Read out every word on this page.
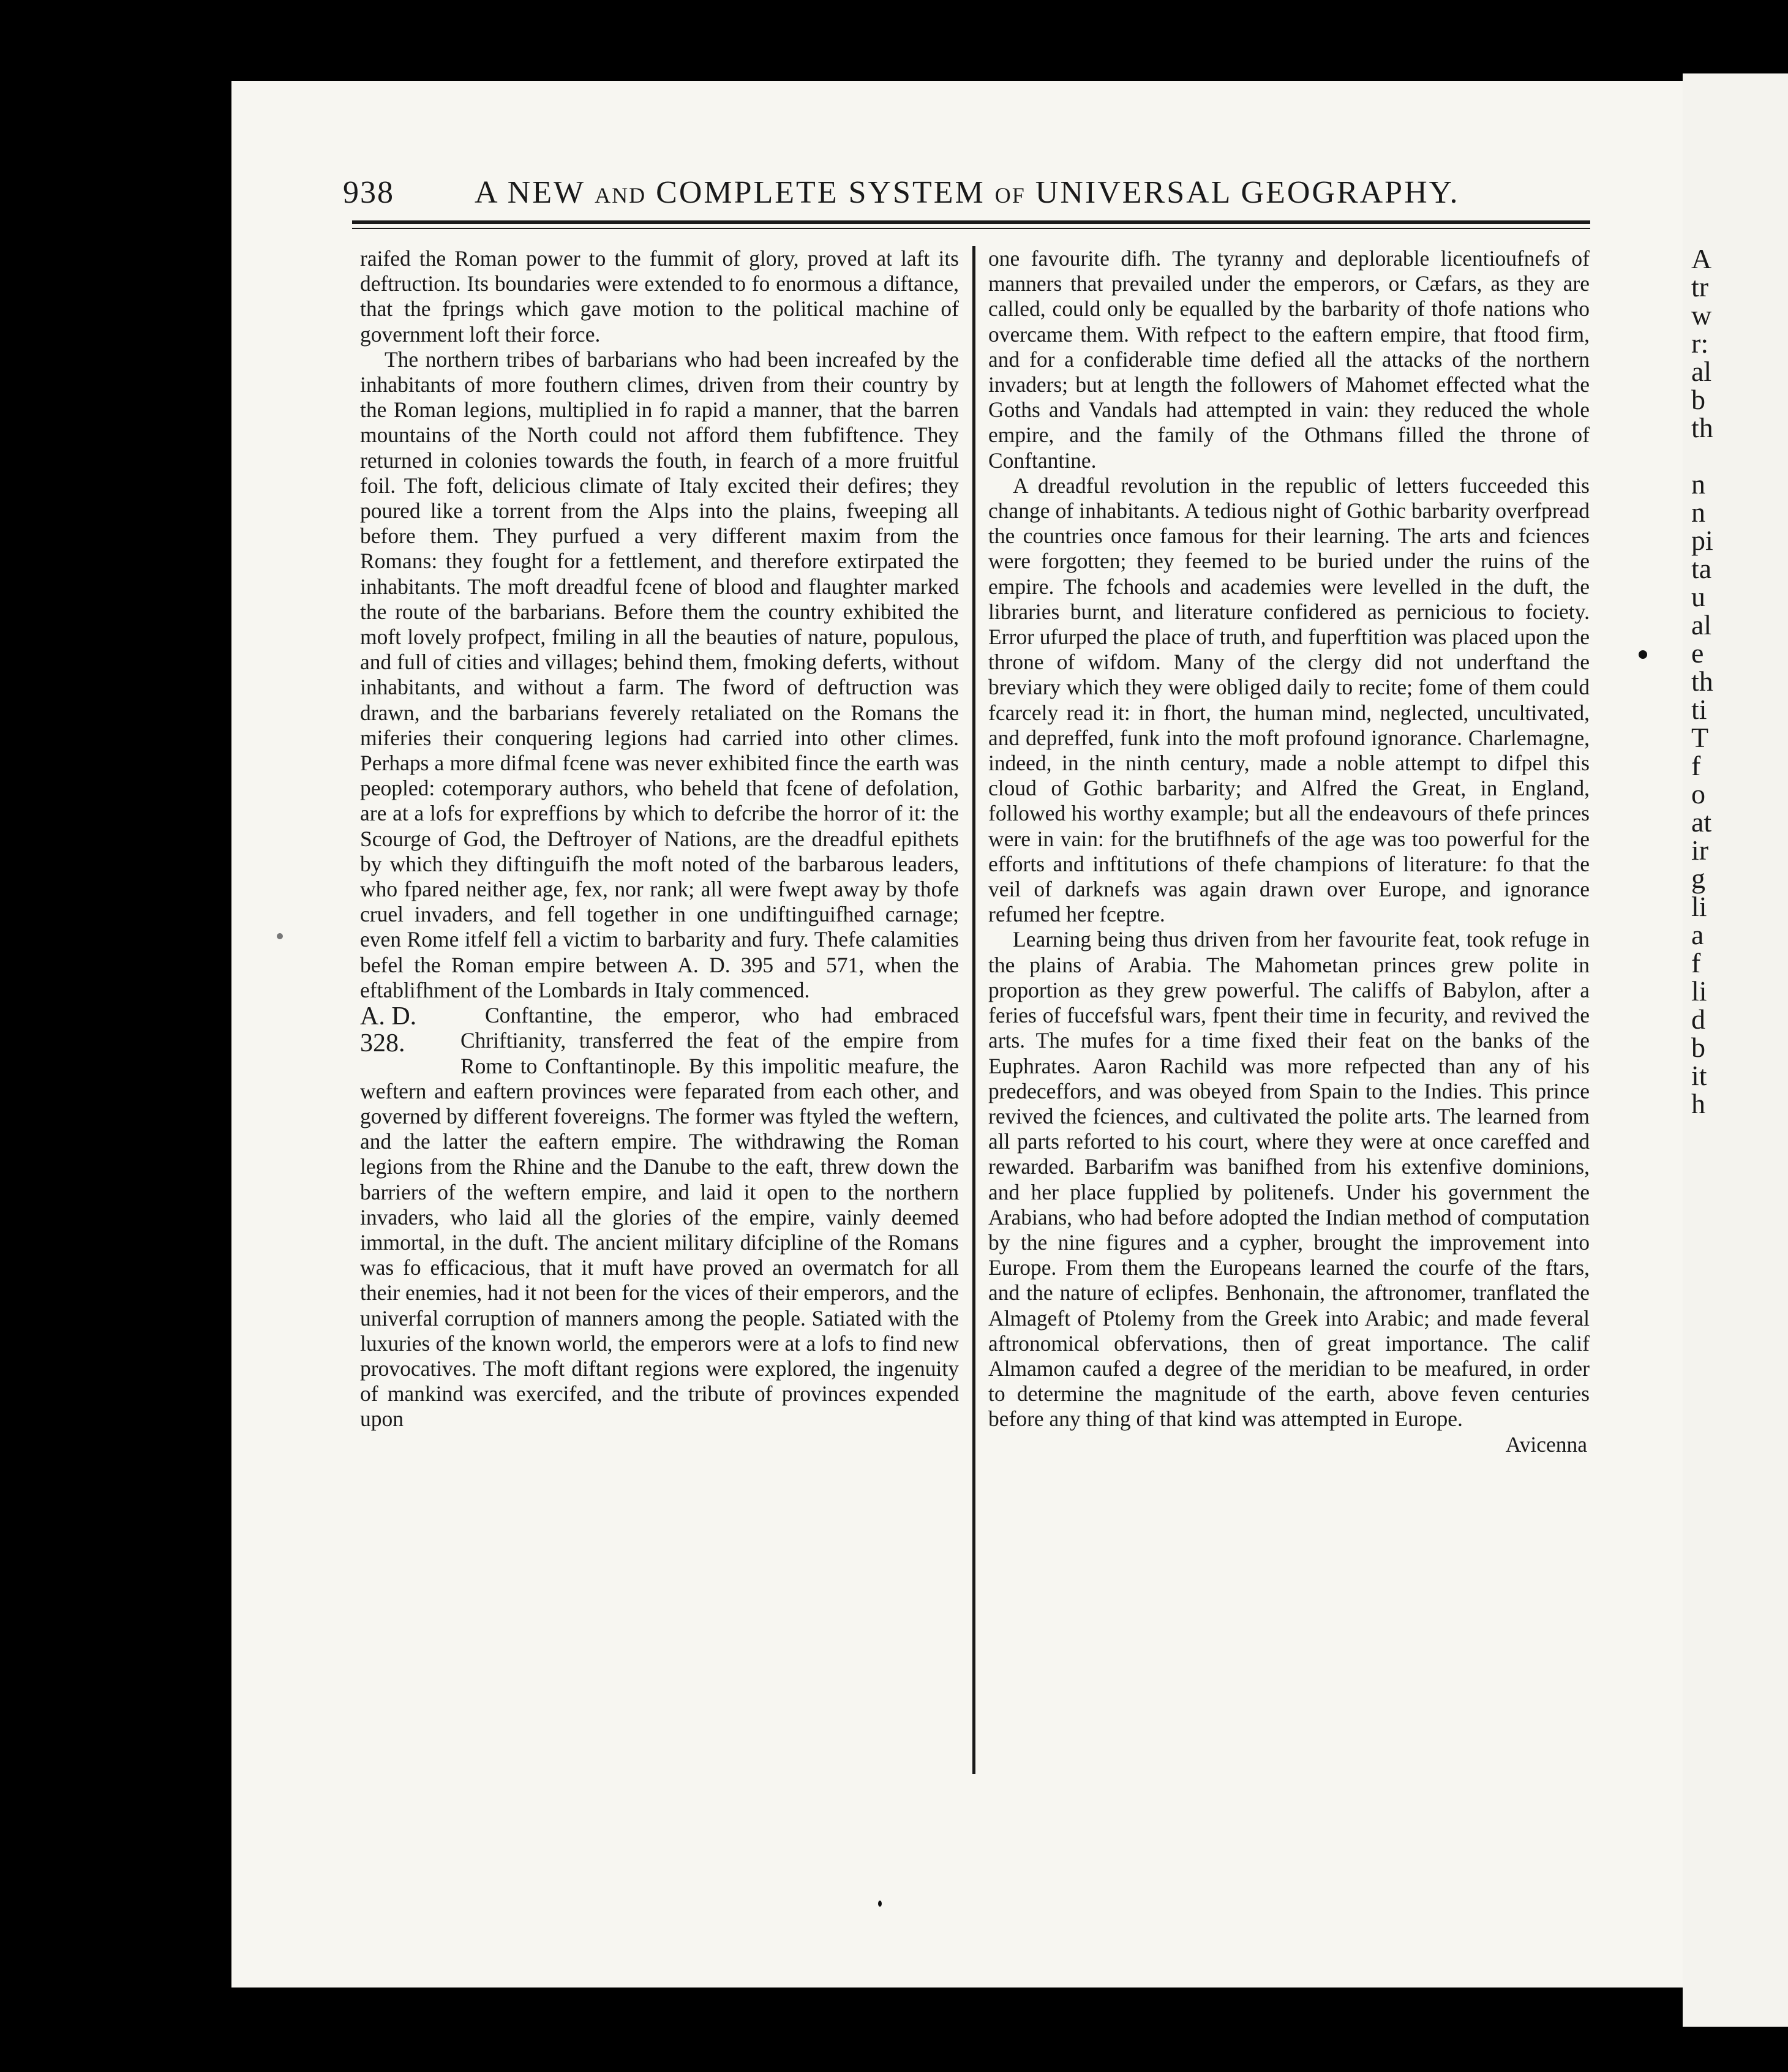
A
tr
w
r:
al
b
th
n
n
pi
ta
u
al
e
th
ti
T
f
o
at
ir
g
li
a
f
li
d
b
it
h
938	A NEW AND COMPLETE SYSTEM OF UNIVERSAL GEOGRAPHY.

raifed the Roman power to the fummit of glory, proved at laft its deftruction. Its boundaries were extended to fo enormous a diftance, that the fprings which gave motion to the political machine of government loft their force.

The northern tribes of barbarians who had been increafed by the inhabitants of more fouthern climes, driven from their country by the Roman legions, multiplied in fo rapid a manner, that the barren mountains of the North could not afford them fubfiftence. They returned in colonies towards the fouth, in fearch of a more fruitful foil. The foft, delicious climate of Italy excited their defires; they poured like a torrent from the Alps into the plains, fweeping all before them. They purfued a very different maxim from the Romans: they fought for a fettlement, and therefore extirpated the inhabitants. The moft dreadful fcene of blood and flaughter marked the route of the barbarians. Before them the country exhibited the moft lovely profpect, fmiling in all the beauties of nature, populous, and full of cities and villages; behind them, fmoking deferts, without inhabitants, and without a farm. The fword of deftruction was drawn, and the barbarians feverely retaliated on the Romans the miferies their conquering legions had carried into other climes. Perhaps a more difmal fcene was never exhibited fince the earth was peopled: cotemporary authors, who beheld that fcene of defolation, are at a lofs for expreffions by which to defcribe the horror of it: the Scourge of God, the Deftroyer of Nations, are the dreadful epithets by which they diftinguifh the moft noted of the barbarous leaders, who fpared neither age, fex, nor rank; all were fwept away by thofe cruel invaders, and fell together in one undiftinguifhed carnage; even Rome itfelf fell a victim to barbarity and fury. Thefe calamities befel the Roman empire between A. D. 395 and 571, when the eftablifhment of the Lombards in Italy commenced.

A. D.
328.

Conftantine, the emperor, who had embraced Chriftianity, transferred the feat of the empire from Rome to Conftantinople. By this impolitic meafure, the weftern and eaftern provinces were feparated from each other, and governed by different fovereigns. The former was ftyled the weftern, and the latter the eaftern empire. The withdrawing the Roman legions from the Rhine and the Danube to the eaft, threw down the barriers of the weftern empire, and laid it open to the northern invaders, who laid all the glories of the empire, vainly deemed immortal, in the duft. The ancient military difcipline of the Romans was fo efficacious, that it muft have proved an overmatch for all their enemies, had it not been for the vices of their emperors, and the univerfal corruption of manners among the people. Satiated with the luxuries of the known world, the emperors were at a lofs to find new provocatives. The moft diftant regions were explored, the ingenuity of mankind was exercifed, and the tribute of provinces expended upon

one favourite difh. The tyranny and deplorable licentioufnefs of manners that prevailed under the emperors, or Cæfars, as they are called, could only be equalled by the barbarity of thofe nations who overcame them. With refpect to the eaftern empire, that ftood firm, and for a confiderable time defied all the attacks of the northern invaders; but at length the followers of Mahomet effected what the Goths and Vandals had attempted in vain: they reduced the whole empire, and the family of the Othmans filled the throne of Conftantine.

A dreadful revolution in the republic of letters fucceeded this change of inhabitants. A tedious night of Gothic barbarity overfpread the countries once famous for their learning. The arts and fciences were forgotten; they feemed to be buried under the ruins of the empire. The fchools and academies were levelled in the duft, the libraries burnt, and literature confidered as pernicious to fociety. Error ufurped the place of truth, and fuperftition was placed upon the throne of wifdom. Many of the clergy did not underftand the breviary which they were obliged daily to recite; fome of them could fcarcely read it: in fhort, the human mind, neglected, uncultivated, and depreffed, funk into the moft profound ignorance. Charlemagne, indeed, in the ninth century, made a noble attempt to difpel this cloud of Gothic barbarity; and Alfred the Great, in England, followed his worthy example; but all the endeavours of thefe princes were in vain: for the brutifhnefs of the age was too powerful for the efforts and inftitutions of thefe champions of literature: fo that the veil of darknefs was again drawn over Europe, and ignorance refumed her fceptre.

Learning being thus driven from her favourite feat, took refuge in the plains of Arabia. The Mahometan princes grew polite in proportion as they grew powerful. The califfs of Babylon, after a feries of fuccefsful wars, fpent their time in fecurity, and revived the arts. The mufes for a time fixed their feat on the banks of the Euphrates. Aaron Rachild was more refpected than any of his predeceffors, and was obeyed from Spain to the Indies. This prince revived the fciences, and cultivated the polite arts. The learned from all parts reforted to his court, where they were at once careffed and rewarded. Barbarifm was banifhed from his extenfive dominions, and her place fupplied by politenefs. Under his government the Arabians, who had before adopted the Indian method of computation by the nine figures and a cypher, brought the improvement into Europe. From them the Europeans learned the courfe of the ftars, and the nature of eclipfes. Benhonain, the aftronomer, tranflated the Almageft of Ptolemy from the Greek into Arabic; and made feveral aftronomical obfervations, then of great importance. The calif Almamon caufed a degree of the meridian to be meafured, in order to determine the magnitude of the earth, above feven centuries before any thing of that kind was attempted in Europe.

Avicenna
